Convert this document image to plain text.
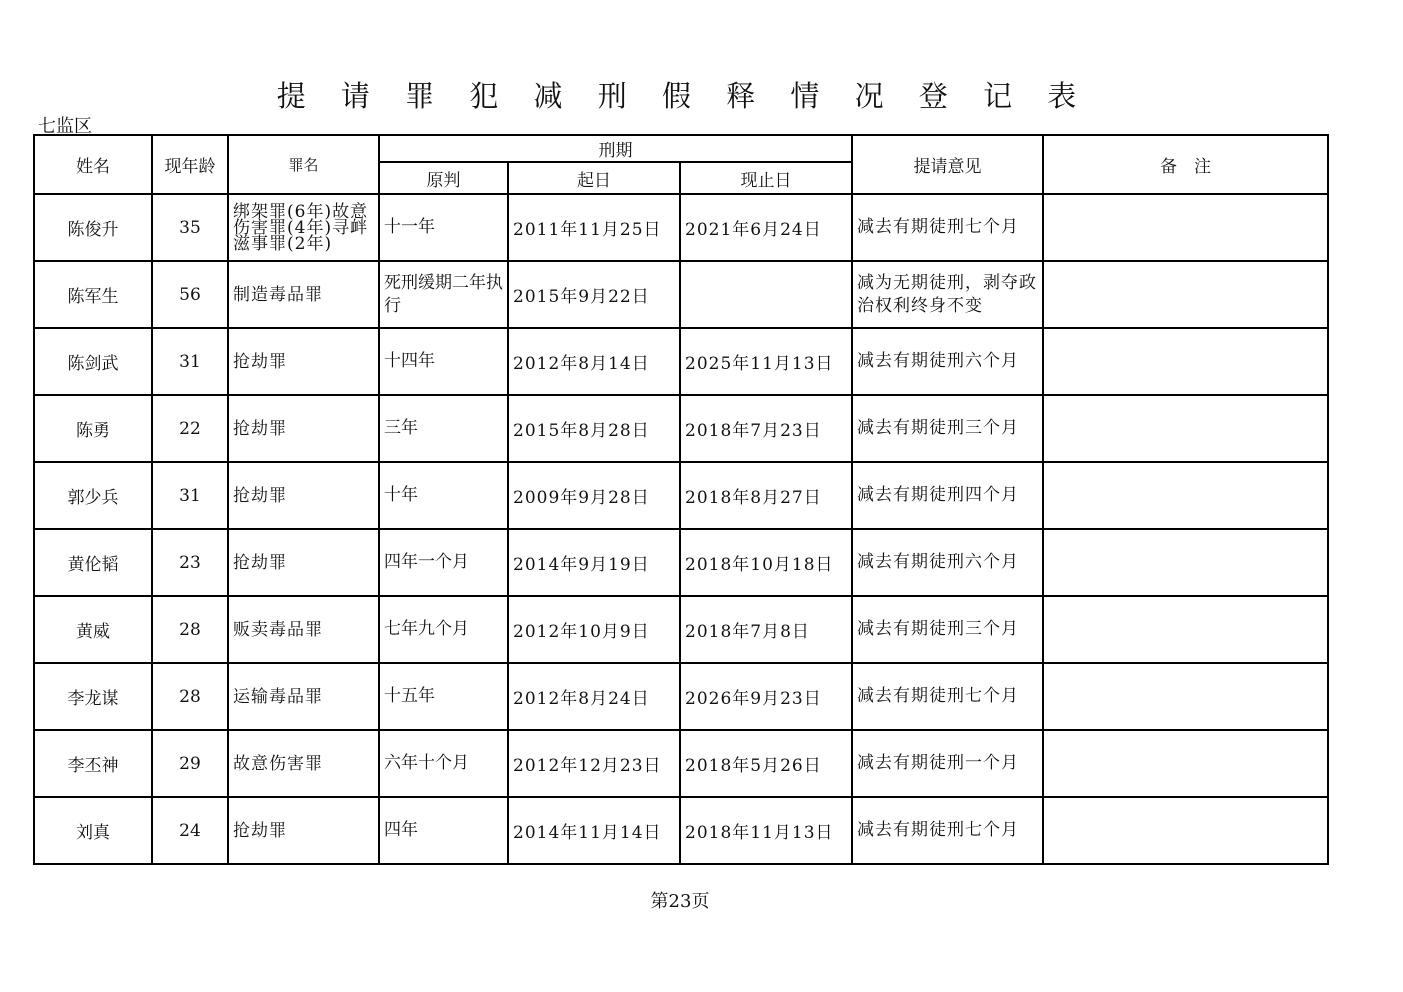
提 请 罪 犯 减 刑 假 释 情 况 登 记 表
七监区
姓名	现年龄	罪名	刑期			提请意见	备　注
			原判	起日	现止日		
陈俊升	35	绑架罪(6年)故意伤害罪(4年)寻衅滋事罪(2年)	十一年	2011年11月25日	2021年6月24日	减去有期徒刑七个月	
陈军生	56	制造毒品罪	死刑缓期二年执行	2015年9月22日		减为无期徒刑，剥夺政治权利终身不变	
陈剑武	31	抢劫罪	十四年	2012年8月14日	2025年11月13日	减去有期徒刑六个月	
陈勇	22	抢劫罪	三年	2015年8月28日	2018年7月23日	减去有期徒刑三个月	
郭少兵	31	抢劫罪	十年	2009年9月28日	2018年8月27日	减去有期徒刑四个月	
黄伦韬	23	抢劫罪	四年一个月	2014年9月19日	2018年10月18日	减去有期徒刑六个月	
黄威	28	贩卖毒品罪	七年九个月	2012年10月9日	2018年7月8日	减去有期徒刑三个月	
李龙谋	28	运输毒品罪	十五年	2012年8月24日	2026年9月23日	减去有期徒刑七个月	
李丕神	29	故意伤害罪	六年十个月	2012年12月23日	2018年5月26日	减去有期徒刑一个月	
刘真	24	抢劫罪	四年	2014年11月14日	2018年11月13日	减去有期徒刑七个月	
第23页
